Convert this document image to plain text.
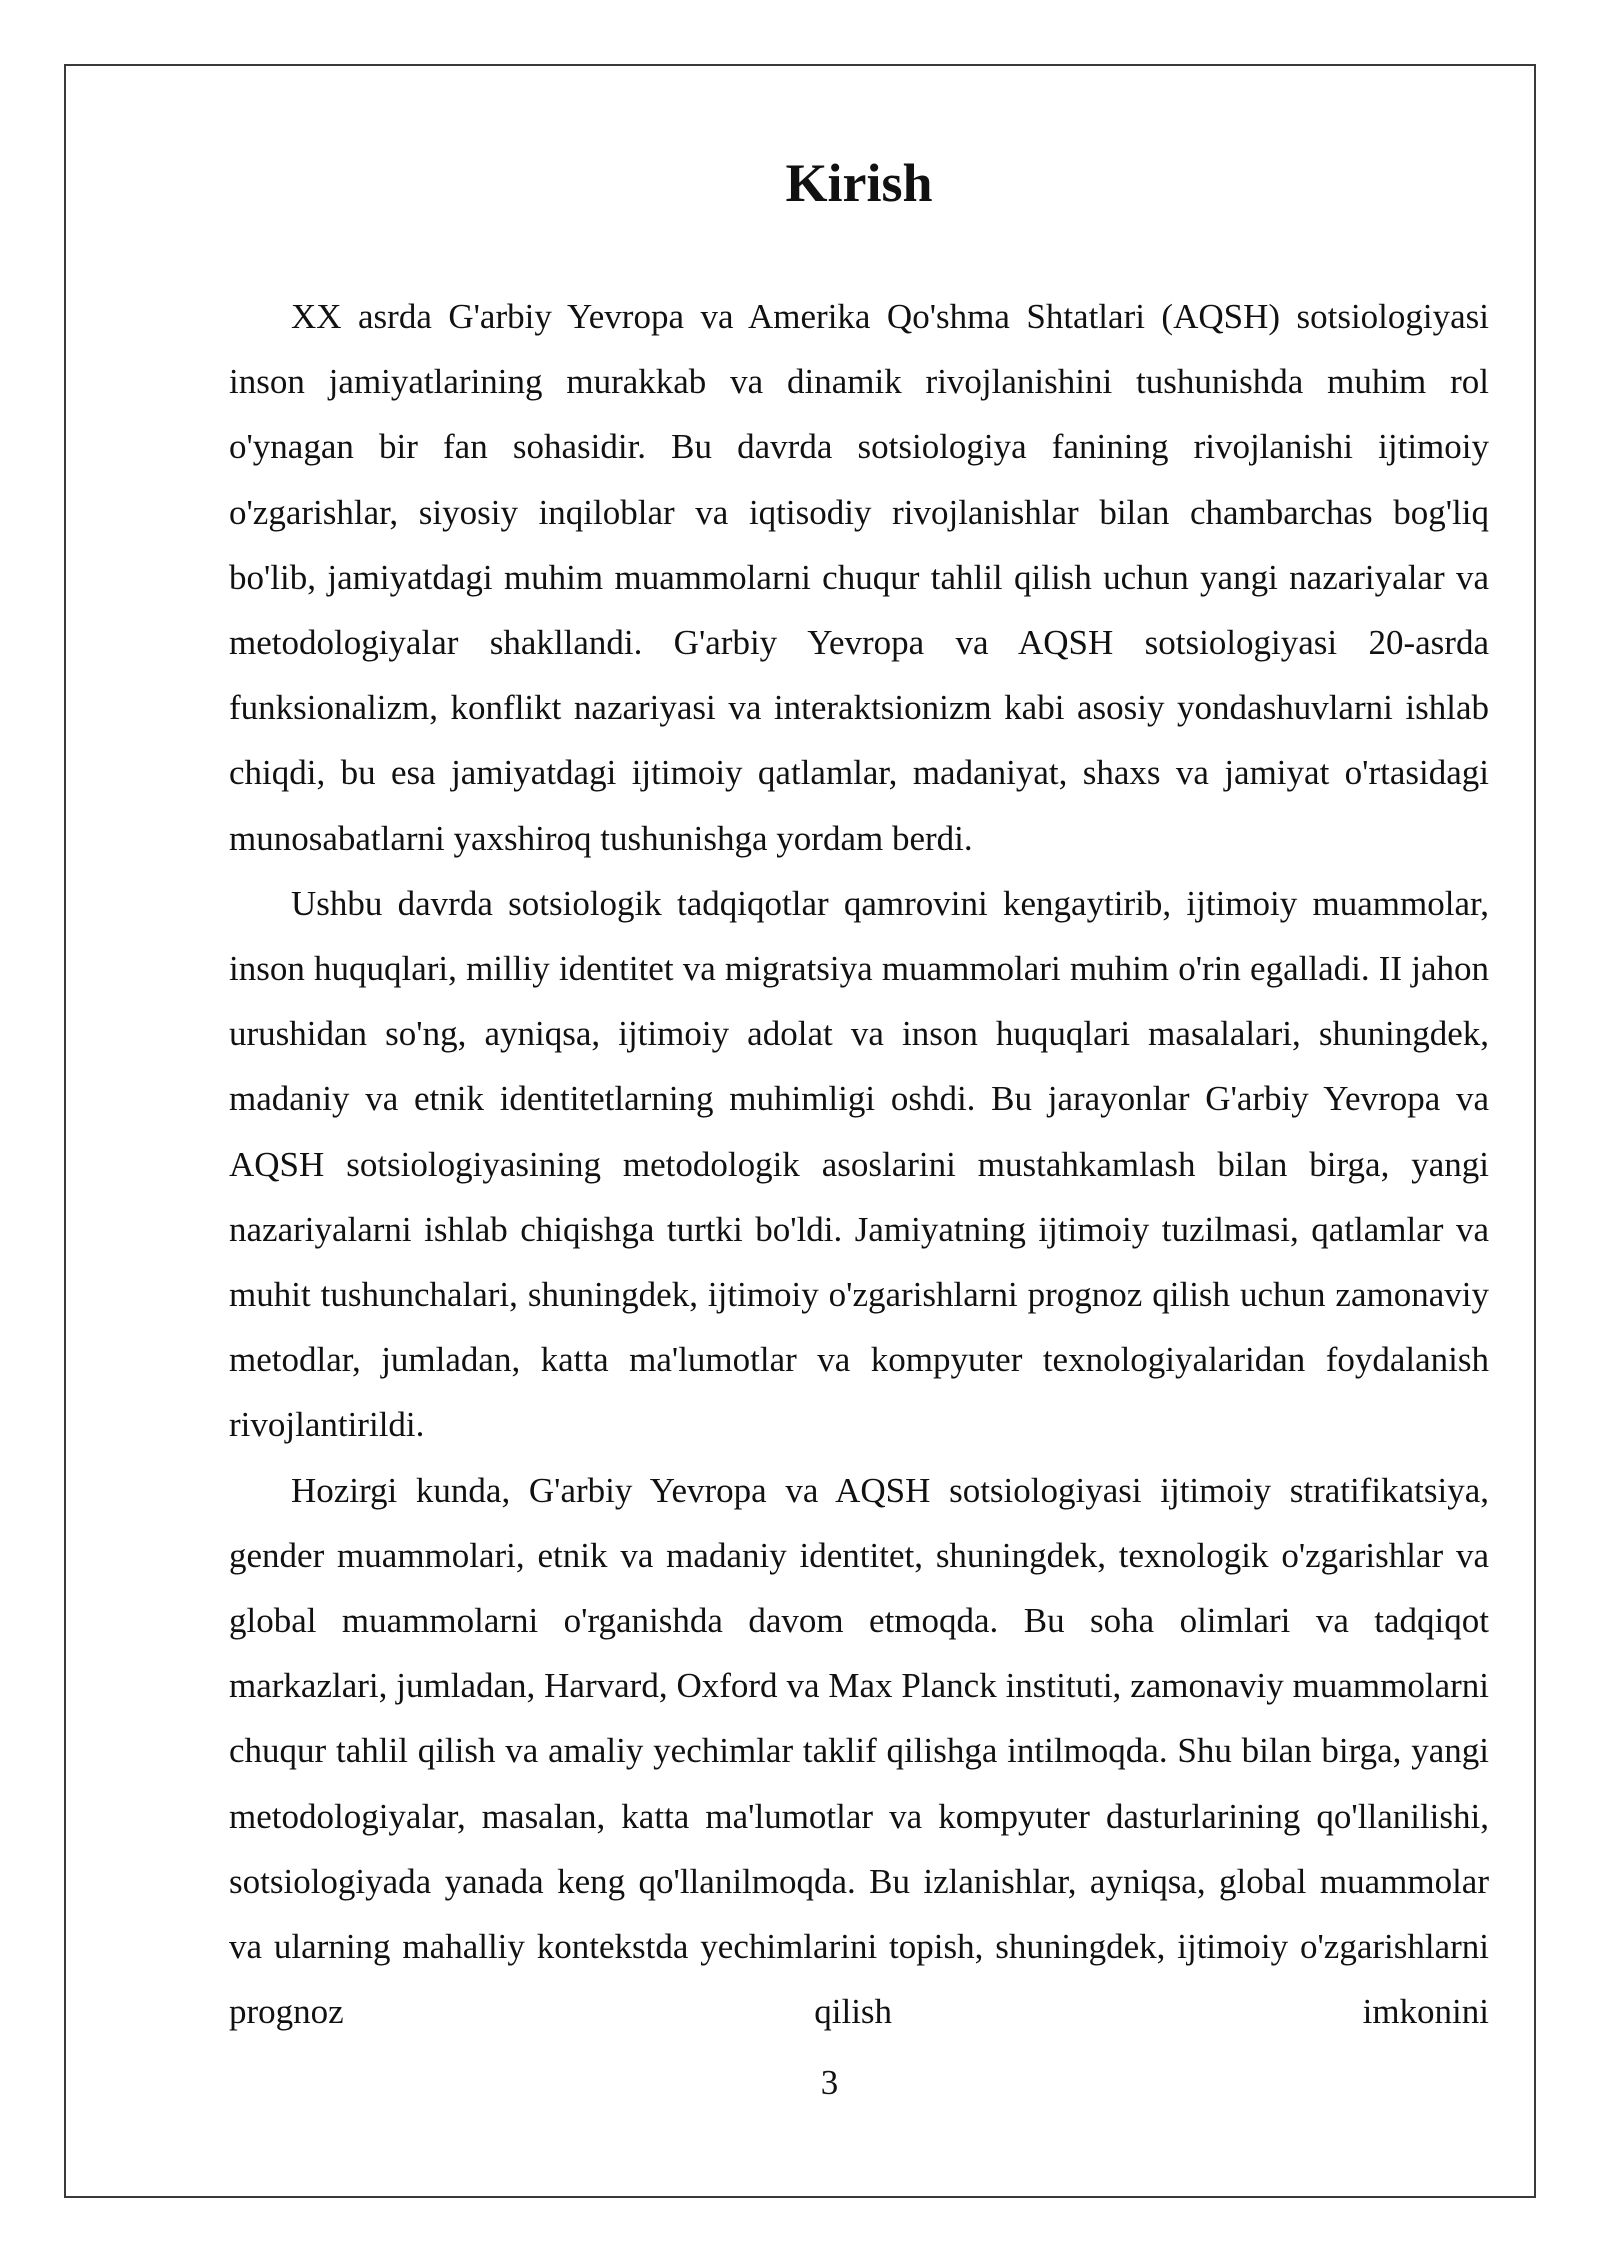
Kirish

XX asrda G'arbiy Yevropa va Amerika Qo'shma Shtatlari (AQSH) sotsiologiyasi inson jamiyatlarining murakkab va dinamik rivojlanishini tushunishda muhim rol o'ynagan bir fan sohasidir. Bu davrda sotsiologiya fanining rivojlanishi ijtimoiy o'zgarishlar, siyosiy inqiloblar va iqtisodiy rivojlanishlar bilan chambarchas bog'liq bo'lib, jamiyatdagi muhim muammolarni chuqur tahlil qilish uchun yangi nazariyalar va metodologiyalar shakllandi. G'arbiy Yevropa va AQSH sotsiologiyasi 20-asrda funksionalizm, konflikt nazariyasi va interaktsionizm kabi asosiy yondashuvlarni ishlab chiqdi, bu esa jamiyatdagi ijtimoiy qatlamlar, madaniyat, shaxs va jamiyat o'rtasidagi munosabatlarni yaxshiroq tushunishga yordam berdi.

Ushbu davrda sotsiologik tadqiqotlar qamrovini kengaytirib, ijtimoiy muammolar, inson huquqlari, milliy identitet va migratsiya muammolari muhim o'rin egalladi. II jahon urushidan so'ng, ayniqsa, ijtimoiy adolat va inson huquqlari masalalari, shuningdek, madaniy va etnik identitetlarning muhimligi oshdi. Bu jarayonlar G'arbiy Yevropa va AQSH sotsiologiyasining metodologik asoslarini mustahkamlash bilan birga, yangi nazariyalarni ishlab chiqishga turtki bo'ldi. Jamiyatning ijtimoiy tuzilmasi, qatlamlar va muhit tushunchalari, shuningdek, ijtimoiy o'zgarishlarni prognoz qilish uchun zamonaviy metodlar, jumladan, katta ma'lumotlar va kompyuter texnologiyalaridan foydalanish rivojlantirildi.

Hozirgi kunda, G'arbiy Yevropa va AQSH sotsiologiyasi ijtimoiy stratifikatsiya, gender muammolari, etnik va madaniy identitet, shuningdek, texnologik o'zgarishlar va global muammolarni o'rganishda davom etmoqda. Bu soha olimlari va tadqiqot markazlari, jumladan, Harvard, Oxford va Max Planck instituti, zamonaviy muammolarni chuqur tahlil qilish va amaliy yechimlar taklif qilishga intilmoqda. Shu bilan birga, yangi metodologiyalar, masalan, katta ma'lumotlar va kompyuter dasturlarining qo'llanilishi, sotsiologiyada yanada keng qo'llanilmoqda. Bu izlanishlar, ayniqsa, global muammolar va ularning mahalliy kontekstda yechimlarini topish, shuningdek, ijtimoiy o'zgarishlarni prognoz qilish imkonini

3
